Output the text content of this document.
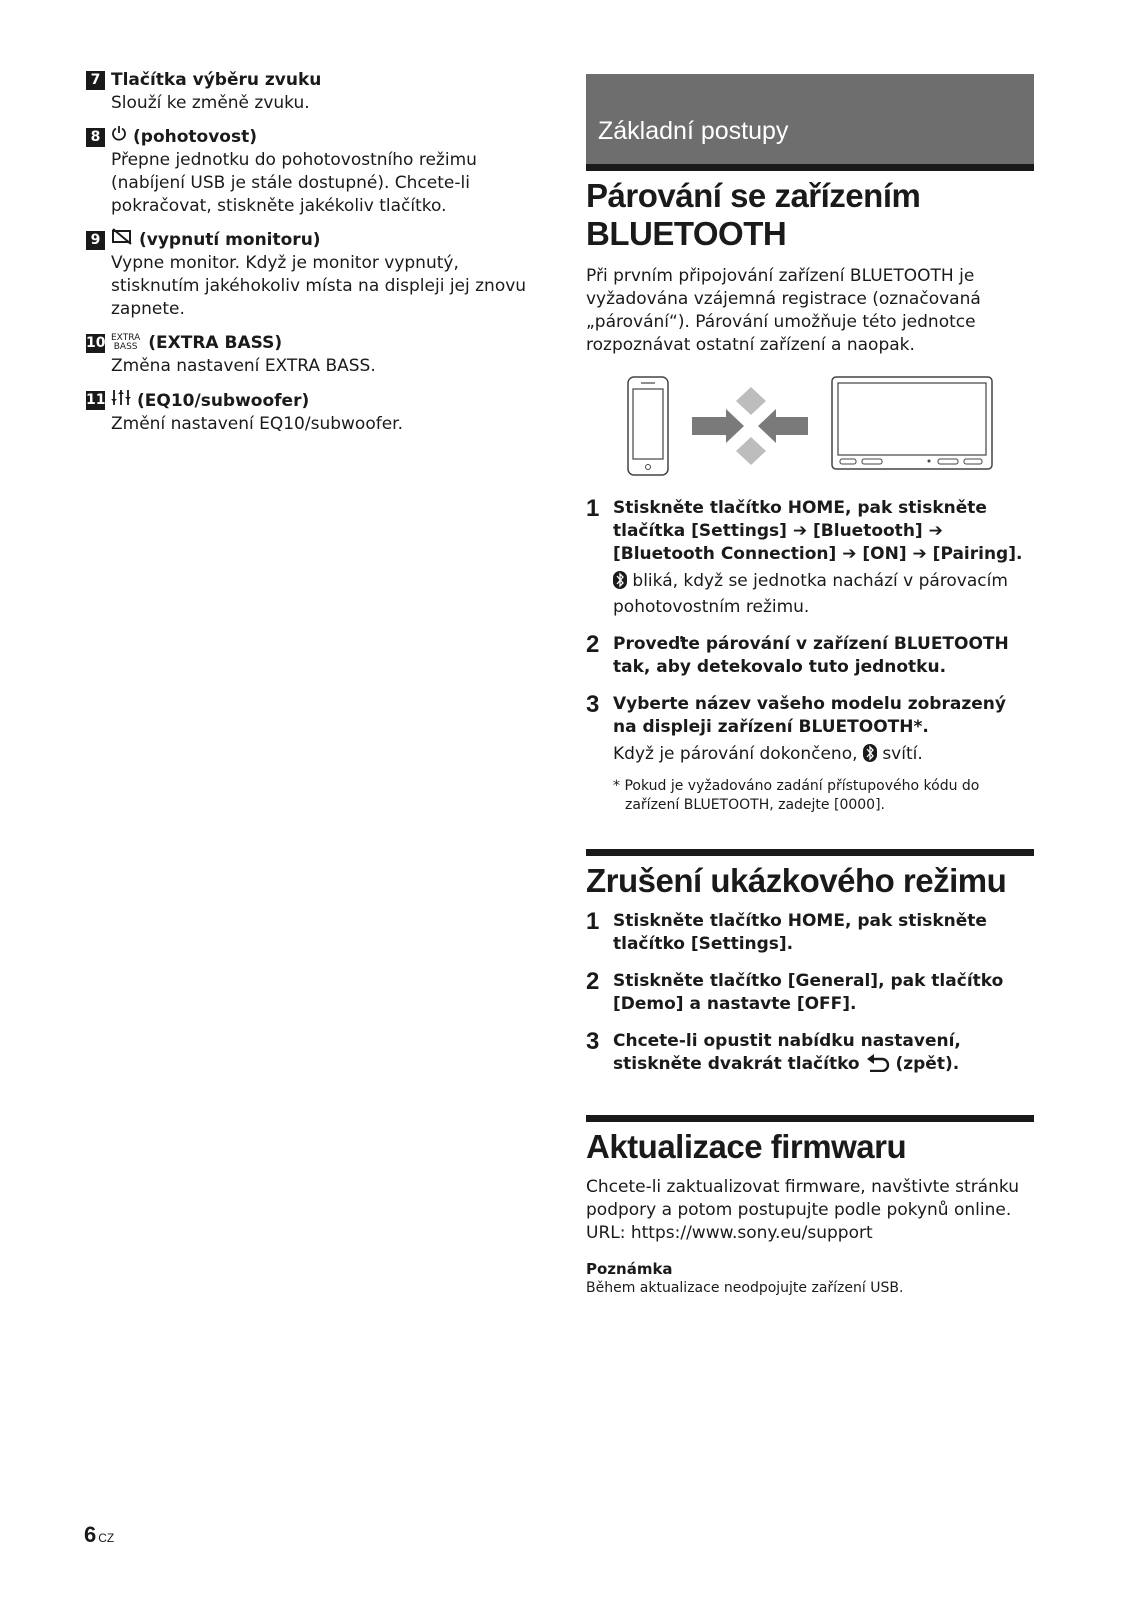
7 Tlačítka výběru zvuku
Slouží ke změně zvuku.
8 (pohotovost)
Přepne jednotku do pohotovostního režimu (nabíjení USB je stále dostupné). Chcete-li pokračovat, stiskněte jakékoliv tlačítko.
9 (vypnutí monitoru)
Vypne monitor. Když je monitor vypnutý, stisknutím jakéhokoliv místa na displeji jej znovu zapnete.
10 EXTRA
BASS (EXTRA BASS)
Změna nastavení EXTRA BASS.
11 (EQ10/subwoofer)
Změní nastavení EQ10/subwoofer.
Základní postupy
Párování se zařízením BLUETOOTH
Při prvním připojování zařízení BLUETOOTH je vyžadována vzájemná registrace (označovaná „párování“). Párování umožňuje této jednotce rozpoznávat ostatní zařízení a naopak.
1 Stiskněte tlačítko HOME, pak stiskněte tlačítka [Settings] ➔ [Bluetooth] ➔ [Bluetooth Connection] ➔ [ON] ➔ [Pairing].
bliká, když se jednotka nachází v párovacím pohotovostním režimu.
2 Proveďte párování v zařízení BLUETOOTH tak, aby detekovalo tuto jednotku.
3 Vyberte název vašeho modelu zobrazený na displeji zařízení BLUETOOTH*.
Když je párování dokončeno, svítí.
* Pokud je vyžadováno zadání přístupového kódu do zařízení BLUETOOTH, zadejte [0000].
Zrušení ukázkového režimu
1 Stiskněte tlačítko HOME, pak stiskněte tlačítko [Settings].
2 Stiskněte tlačítko [General], pak tlačítko [Demo] a nastavte [OFF].
3 Chcete-li opustit nabídku nastavení, stiskněte dvakrát tlačítko (zpět).
Aktualizace firmwaru
Chcete-li zaktualizovat firmware, navštivte stránku podpory a potom postupujte podle pokynů online.
URL: https://www.sony.eu/support
Poznámka
Během aktualizace neodpojujte zařízení USB.
6 CZ
